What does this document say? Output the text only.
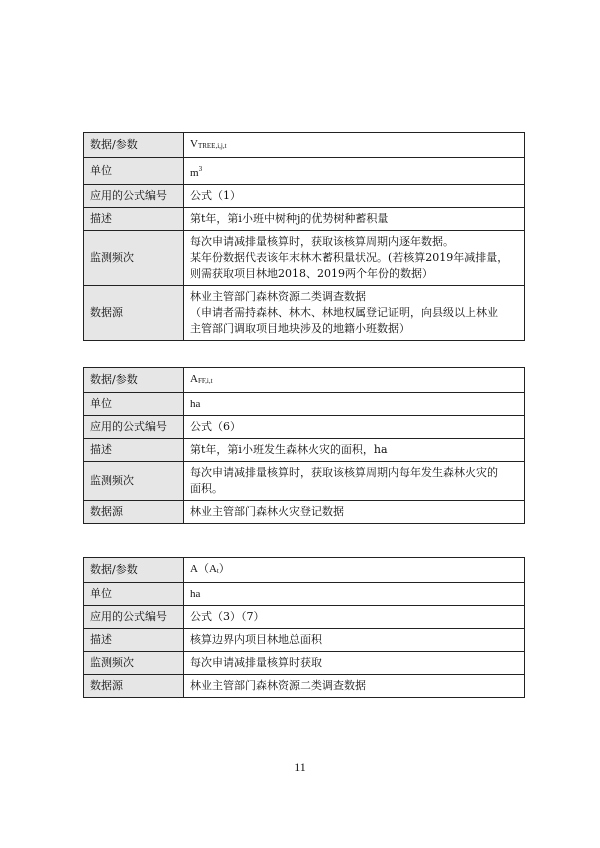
数据/参数	VTREE,i,j,t
单位	$m^3$
应用的公式编号	公式（1）
描述	第t年，第i小班中树种j的优势树种蓄积量
监测频次	每次申请减排量核算时，获取该核算周期内逐年数据。
某年份数据代表该年末林木蓄积量状况。(若核算2019年减排量，
则需获取项目林地2018、2019两个年份的数据）

数据源	林业主管部门森林资源二类调查数据
（申请者需持森林、林木、林地权属登记证明，向县级以上林业
主管部门调取项目地块涉及的地籍小班数据）
数据/参数	AFF,i,t
单位	ha
应用的公式编号	公式（6）
描述	第t年，第i小班发生森林火灾的面积，ha
监测频次	每次申请减排量核算时，获取该核算周期内每年发生森林火灾的
面积。

数据源	林业主管部门森林火灾登记数据
数据/参数	A（At）
单位	ha
应用的公式编号	公式（3）（7）
描述	核算边界内项目林地总面积
监测频次	每次申请减排量核算时获取
数据源	林业主管部门森林资源二类调查数据
11
